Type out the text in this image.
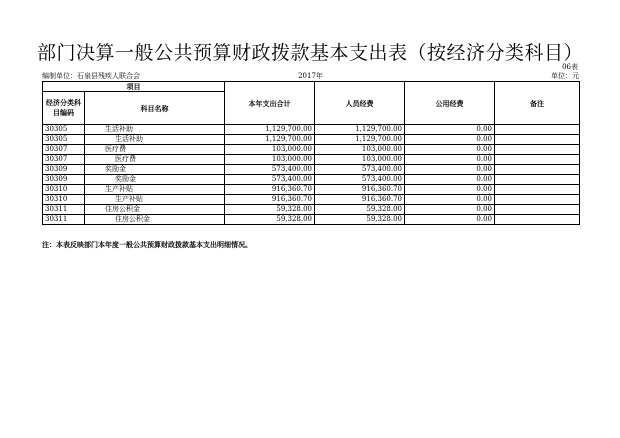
部门决算一般公共预算财政拨款基本支出表（按经济分类科目）
06表
编制单位：石泉县残疾人联合会	2017年	单位：元
项目		本年支出合计	人员经费	公用经费	备注
经济分类科目编码	科目名称				
30305	生活补助	1,129,700.00	1,129,700.00	0.00	
30305	生活补助	1,129,700.00	1,129,700.00	0.00	
30307	医疗费	103,000.00	103,000.00	0.00	
30307	医疗费	103,000.00	103,000.00	0.00	
30309	奖励金	573,400.00	573,400.00	0.00	
30309	奖励金	573,400.00	573,400.00	0.00	
30310	生产补贴	916,360.70	916,360.70	0.00	
30310	生产补贴	916,360.70	916,360.70	0.00	
30311	住房公积金	59,328.00	59,328.00	0.00	
30311	住房公积金	59,328.00	59,328.00	0.00	
注：本表反映部门本年度一般公共预算财政拨款基本支出明细情况。
